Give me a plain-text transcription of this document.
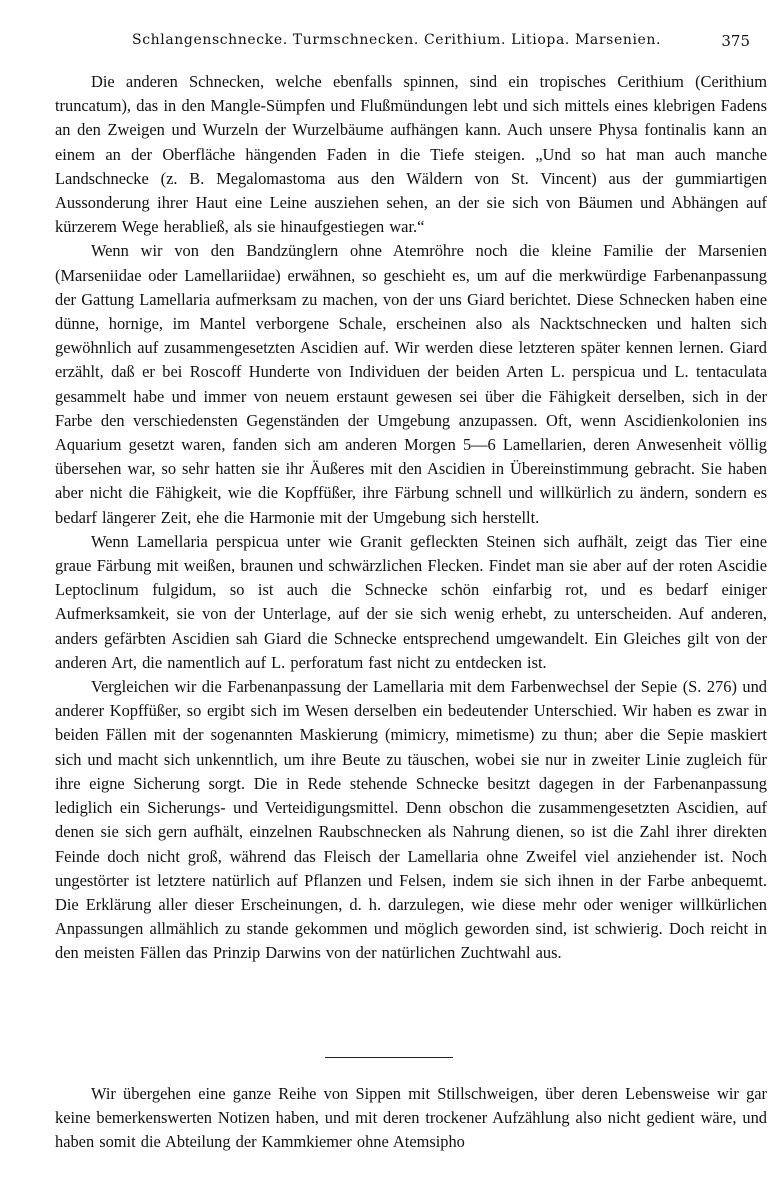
Schlangenschnecke. Turmschnecken. Cerithium. Litiopa. Marsenien.	375

Die anderen Schnecken, welche ebenfalls spinnen, sind ein tropisches Cerithium (Cerithium truncatum), das in den Mangle-Sümpfen und Flußmündungen lebt und sich mittels eines klebrigen Fadens an den Zweigen und Wurzeln der Wurzelbäume aufhängen kann. Auch unsere Physa fontinalis kann an einem an der Oberfläche hängenden Faden in die Tiefe steigen. „Und so hat man auch manche Landschnecke (z. B. Megalomastoma aus den Wäldern von St. Vincent) aus der gummiartigen Aussonderung ihrer Haut eine Leine ausziehen sehen, an der sie sich von Bäumen und Abhängen auf kürzerem Wege herabließ, als sie hinaufgestiegen war.“

Wenn wir von den Bandzünglern ohne Atemröhre noch die kleine Familie der Marsenien (Marseniidae oder Lamellariidae) erwähnen, so geschieht es, um auf die merkwürdige Farbenanpassung der Gattung Lamellaria aufmerksam zu machen, von der uns Giard berichtet. Diese Schnecken haben eine dünne, hornige, im Mantel verborgene Schale, erscheinen also als Nacktschnecken und halten sich gewöhnlich auf zusammengesetzten Ascidien auf. Wir werden diese letzteren später kennen lernen. Giard erzählt, daß er bei Roscoff Hunderte von Individuen der beiden Arten L. perspicua und L. tentaculata gesammelt habe und immer von neuem erstaunt gewesen sei über die Fähigkeit derselben, sich in der Farbe den verschiedensten Gegenständen der Umgebung anzupassen. Oft, wenn Ascidienkolonien ins Aquarium gesetzt waren, fanden sich am anderen Morgen 5—6 Lamellarien, deren Anwesenheit völlig übersehen war, so sehr hatten sie ihr Äußeres mit den Ascidien in Übereinstimmung gebracht. Sie haben aber nicht die Fähigkeit, wie die Kopffüßer, ihre Färbung schnell und willkürlich zu ändern, sondern es bedarf längerer Zeit, ehe die Harmonie mit der Umgebung sich herstellt.

Wenn Lamellaria perspicua unter wie Granit gefleckten Steinen sich aufhält, zeigt das Tier eine graue Färbung mit weißen, braunen und schwärzlichen Flecken. Findet man sie aber auf der roten Ascidie Leptoclinum fulgidum, so ist auch die Schnecke schön einfarbig rot, und es bedarf einiger Aufmerksamkeit, sie von der Unterlage, auf der sie sich wenig erhebt, zu unterscheiden. Auf anderen, anders gefärbten Ascidien sah Giard die Schnecke entsprechend umgewandelt. Ein Gleiches gilt von der anderen Art, die namentlich auf L. perforatum fast nicht zu entdecken ist.

Vergleichen wir die Farbenanpassung der Lamellaria mit dem Farbenwechsel der Sepie (S. 276) und anderer Kopffüßer, so ergibt sich im Wesen derselben ein bedeutender Unterschied. Wir haben es zwar in beiden Fällen mit der sogenannten Maskierung (mimicry, mimetisme) zu thun; aber die Sepie maskiert sich und macht sich unkenntlich, um ihre Beute zu täuschen, wobei sie nur in zweiter Linie zugleich für ihre eigne Sicherung sorgt. Die in Rede stehende Schnecke besitzt dagegen in der Farbenanpassung lediglich ein Sicherungs- und Verteidigungsmittel. Denn obschon die zusammengesetzten Ascidien, auf denen sie sich gern aufhält, einzelnen Raubschnecken als Nahrung dienen, so ist die Zahl ihrer direkten Feinde doch nicht groß, während das Fleisch der Lamellaria ohne Zweifel viel anziehender ist. Noch ungestörter ist letztere natürlich auf Pflanzen und Felsen, indem sie sich ihnen in der Farbe anbequemt. Die Erklärung aller dieser Erscheinungen, d. h. darzulegen, wie diese mehr oder weniger willkürlichen Anpassungen allmählich zu stande gekommen und möglich geworden sind, ist schwierig. Doch reicht in den meisten Fällen das Prinzip Darwins von der natürlichen Zuchtwahl aus.

Wir übergehen eine ganze Reihe von Sippen mit Stillschweigen, über deren Lebensweise wir gar keine bemerkenswerten Notizen haben, und mit deren trockener Aufzählung also nicht gedient wäre, und haben somit die Abteilung der Kammkiemer ohne Atemsipho
